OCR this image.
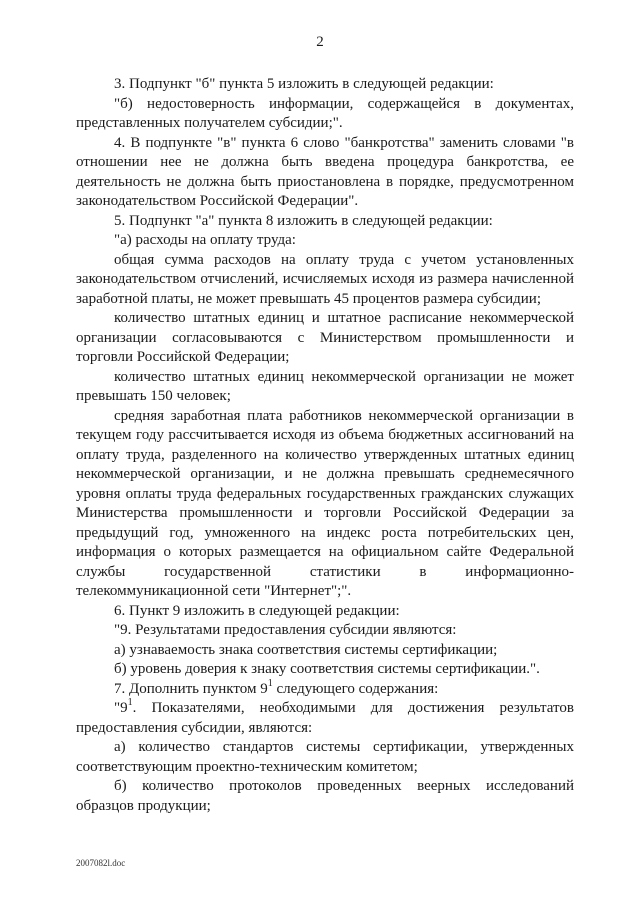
2

3. Подпункт "б" пункта 5 изложить в следующей редакции:

"б) недостоверность информации, содержащейся в документах, представленных получателем субсидии;".

4. В подпункте "в" пункта 6 слово "банкротства" заменить словами "в отношении нее не должна быть введена процедура банкротства, ее деятельность не должна быть приостановлена в порядке, предусмотренном законодательством Российской Федерации".

5. Подпункт "а" пункта 8 изложить в следующей редакции:

"а) расходы на оплату труда:

общая сумма расходов на оплату труда с учетом установленных законодательством отчислений, исчисляемых исходя из размера начисленной заработной платы, не может превышать 45 процентов размера субсидии;

количество штатных единиц и штатное расписание некоммерческой организации согласовываются с Министерством промышленности и торговли Российской Федерации;

количество штатных единиц некоммерческой организации не может превышать 150 человек;

средняя заработная плата работников некоммерческой организации в текущем году рассчитывается исходя из объема бюджетных ассигнований на оплату труда, разделенного на количество утвержденных штатных единиц некоммерческой организации, и не должна превышать среднемесячного уровня оплаты труда федеральных государственных гражданских служащих Министерства промышленности и торговли Российской Федерации за предыдущий год, умноженного на индекс роста потребительских цен, информация о которых размещается на официальном сайте Федеральной службы государственной статистики в информационно-телекоммуникационной сети "Интернет";".

6. Пункт 9 изложить в следующей редакции:

"9. Результатами предоставления субсидии являются:

а) узнаваемость знака соответствия системы сертификации;

б) уровень доверия к знаку соответствия системы сертификации.".

7. Дополнить пунктом $9^1$ следующего содержания:

"$9^1$. Показателями, необходимыми для достижения результатов предоставления субсидии, являются:

а) количество стандартов системы сертификации, утвержденных соответствующим проектно-техническим комитетом;

б) количество протоколов проведенных веерных исследований образцов продукции;

2007082l.doc
